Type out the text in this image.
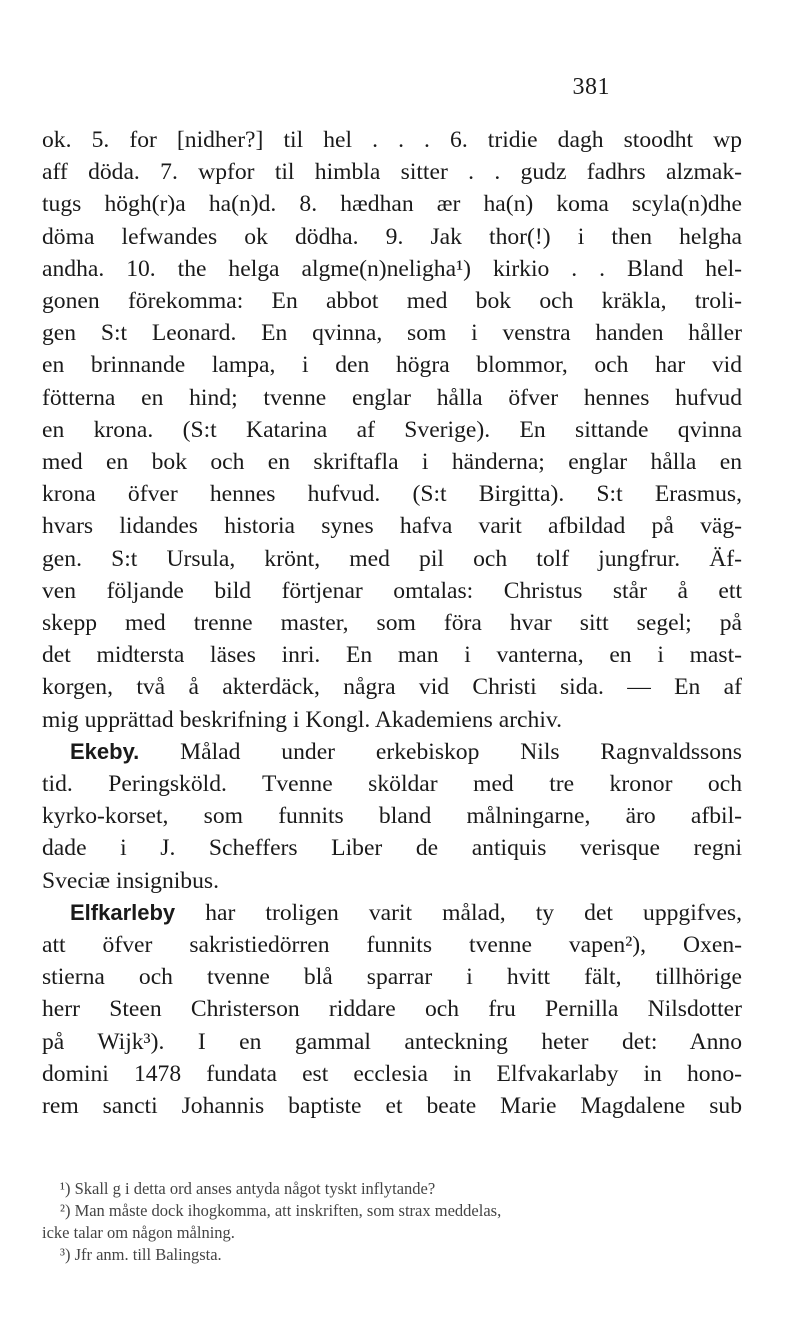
381
ok. 5. for [nidher?] til hel . . . 6. tridie dagh stoodht wp
aff döda. 7. wpfor til himbla sitter . . gudz fadhrs alzmak-
tugs högh(r)a ha(n)d. 8. hædhan ær ha(n) koma scyla(n)dhe
döma lefwandes ok dödha. 9. Jak thor(!) i then helgha
andha. 10. the helga algme(n)neligha¹) kirkio . . Bland hel-
gonen förekomma: En abbot med bok och kräkla, troli-
gen S:t Leonard. En qvinna, som i venstra handen håller
en brinnande lampa, i den högra blommor, och har vid
fötterna en hind; tvenne englar hålla öfver hennes hufvud
en krona. (S:t Katarina af Sverige). En sittande qvinna
med en bok och en skriftafla i händerna; englar hålla en
krona öfver hennes hufvud. (S:t Birgitta). S:t Erasmus,
hvars lidandes historia synes hafva varit afbildad på väg-
gen. S:t Ursula, krönt, med pil och tolf jungfrur. Äf-
ven följande bild förtjenar omtalas: Christus står å ett
skepp med trenne master, som föra hvar sitt segel; på
det midtersta läses inri. En man i vanterna, en i mast-
korgen, två å akterdäck, några vid Christi sida. — En af
mig upprättad beskrifning i Kongl. Akademiens archiv.
Ekeby. Målad under erkebiskop Nils Ragnvaldssons
tid. Peringsköld. Tvenne sköldar med tre kronor och
kyrko-korset, som funnits bland målningarne, äro afbil-
dade i J. Scheffers Liber de antiquis verisque regni
Sveciæ insignibus.
Elfkarleby har troligen varit målad, ty det uppgifves,
att öfver sakristiedörren funnits tvenne vapen²), Oxen-
stierna och tvenne blå sparrar i hvitt fält, tillhörige
herr Steen Christerson riddare och fru Pernilla Nilsdotter
på Wijk³). I en gammal anteckning heter det: Anno
domini 1478 fundata est ecclesia in Elfvakarlaby in hono-
rem sancti Johannis baptiste et beate Marie Magdalene sub
¹) Skall g i detta ord anses antyda något tyskt inflytande?
²) Man måste dock ihogkomma, att inskriften, som strax meddelas,
icke talar om någon målning.
³) Jfr anm. till Balingsta.
